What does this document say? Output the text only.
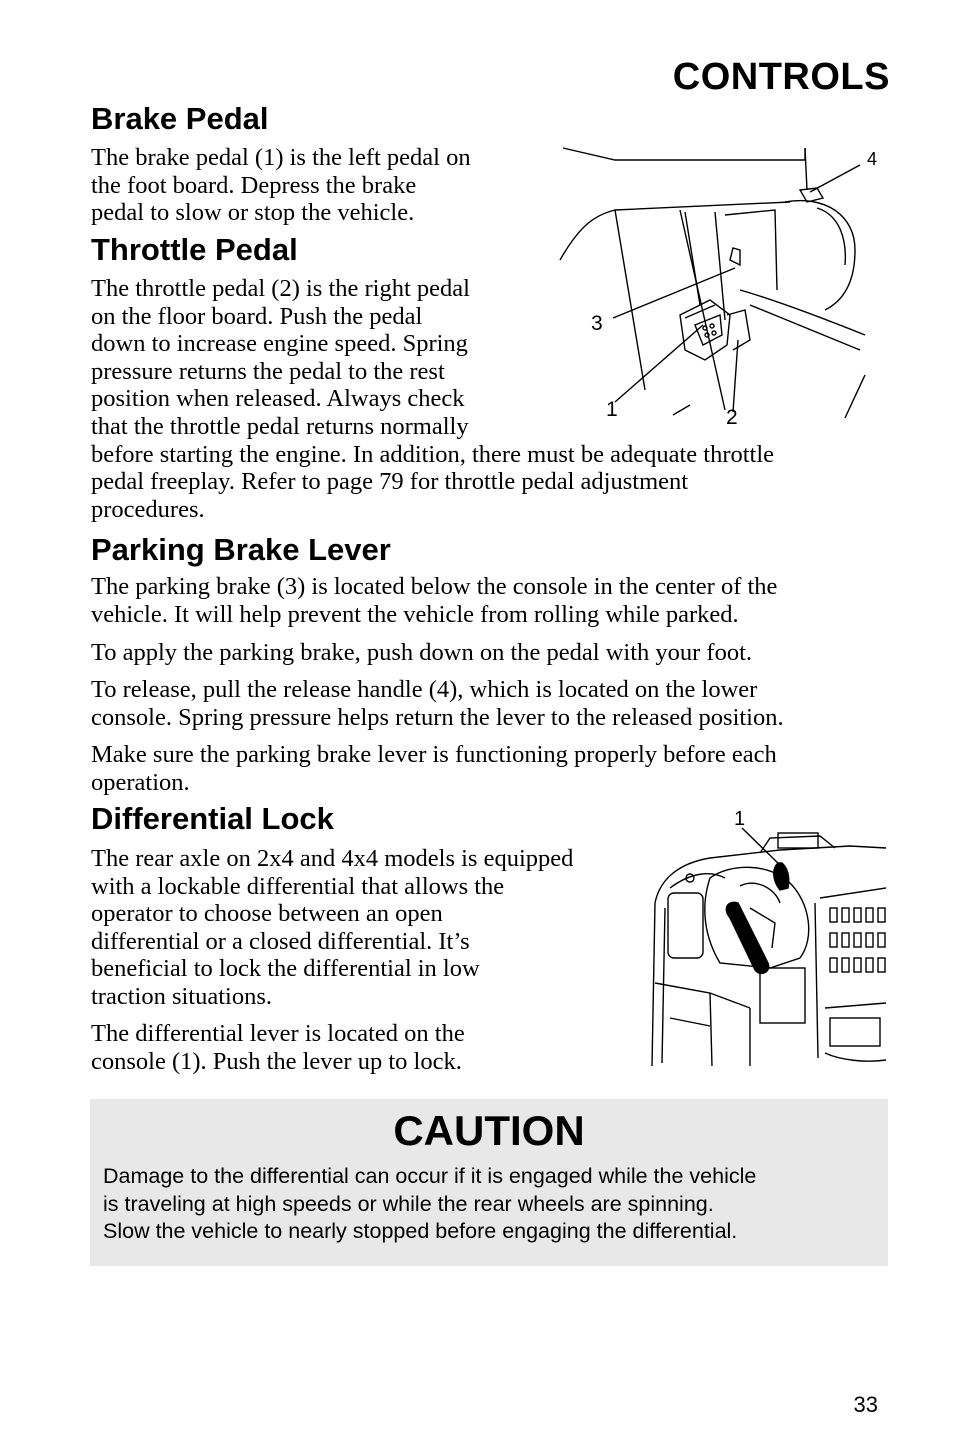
CONTROLS
Brake Pedal

The brake pedal (1) is the left pedal on
the foot board. Depress the brake
pedal to slow or stop the vehicle.

Throttle Pedal

The throttle pedal (2) is the right pedal
on the floor board. Push the pedal
down to increase engine speed. Spring
pressure returns the pedal to the rest
position when released. Always check
that the throttle pedal returns normally
before starting the engine. In addition, there must be adequate throttle
pedal freeplay. Refer to page 79 for throttle pedal adjustment
procedures.

4
3
1	2
Parking Brake Lever

The parking brake (3) is located below the console in the center of the
vehicle. It will help prevent the vehicle from rolling while parked.

To apply the parking brake, push down on the pedal with your foot.

To release, pull the release handle (4), which is located on the lower
console. Spring pressure helps return the lever to the released position.

Make sure the parking brake lever is functioning properly before each
operation.

Differential Lock

The rear axle on 2x4 and 4x4 models is equipped
with a lockable differential that allows the
operator to choose between an open
differential or a closed differential. It’s
beneficial to lock the differential in low
traction situations.

The differential lever is located on the
console (1). Push the lever up to lock.

1
CAUTION
Damage to the differential can occur if it is engaged while the vehicle
is traveling at high speeds or while the rear wheels are spinning.
Slow the vehicle to nearly stopped before engaging the differential.
33
